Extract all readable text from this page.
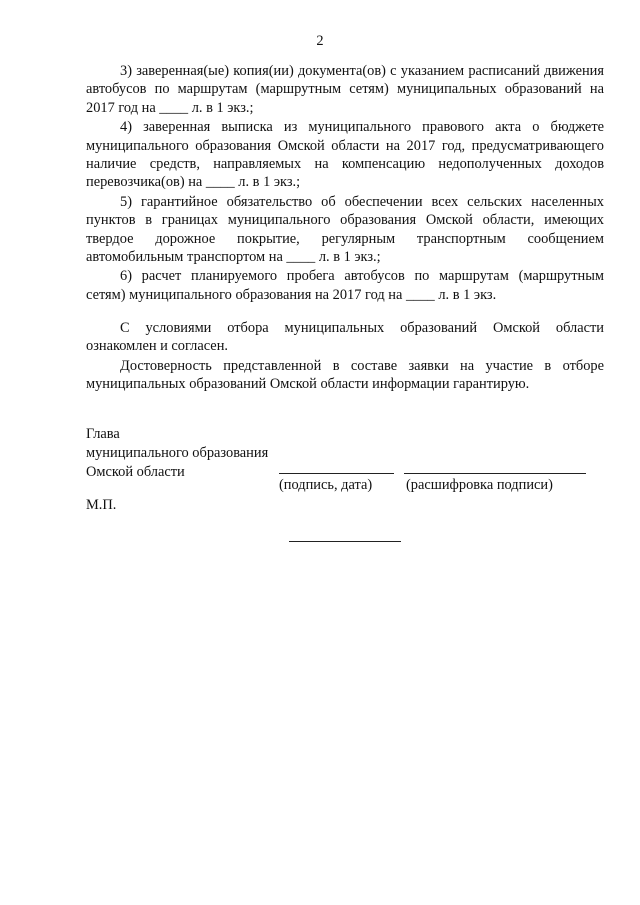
2

3) заверенная(ые) копия(ии) документа(ов) с указанием расписаний движения автобусов по маршрутам (маршрутным сетям) муниципальных образований на 2017 год на ____ л. в 1 экз.;

4) заверенная выписка из муниципального правового акта о бюджете муниципального образования Омской области на 2017 год, предусматривающего наличие средств, направляемых на компенсацию недополученных доходов перевозчика(ов) на ____ л. в 1 экз.;

5) гарантийное обязательство об обеспечении всех сельских населенных пунктов в границах муниципального образования Омской области, имеющих твердое дорожное покрытие, регулярным транспортным сообщением автомобильным транспортом на ____ л. в 1 экз.;

6) расчет планируемого пробега автобусов по маршрутам (маршрутным сетям) муниципального образования на 2017 год на ____ л. в 1 экз.

С условиями отбора муниципальных образований Омской области ознакомлен и согласен.

Достоверность представленной в составе заявки на участие в отборе муниципальных образований Омской области информации гарантирую.

Глава
муниципального образования
Омской области
(подпись, дата) (расшифровка подписи)
М.П.
